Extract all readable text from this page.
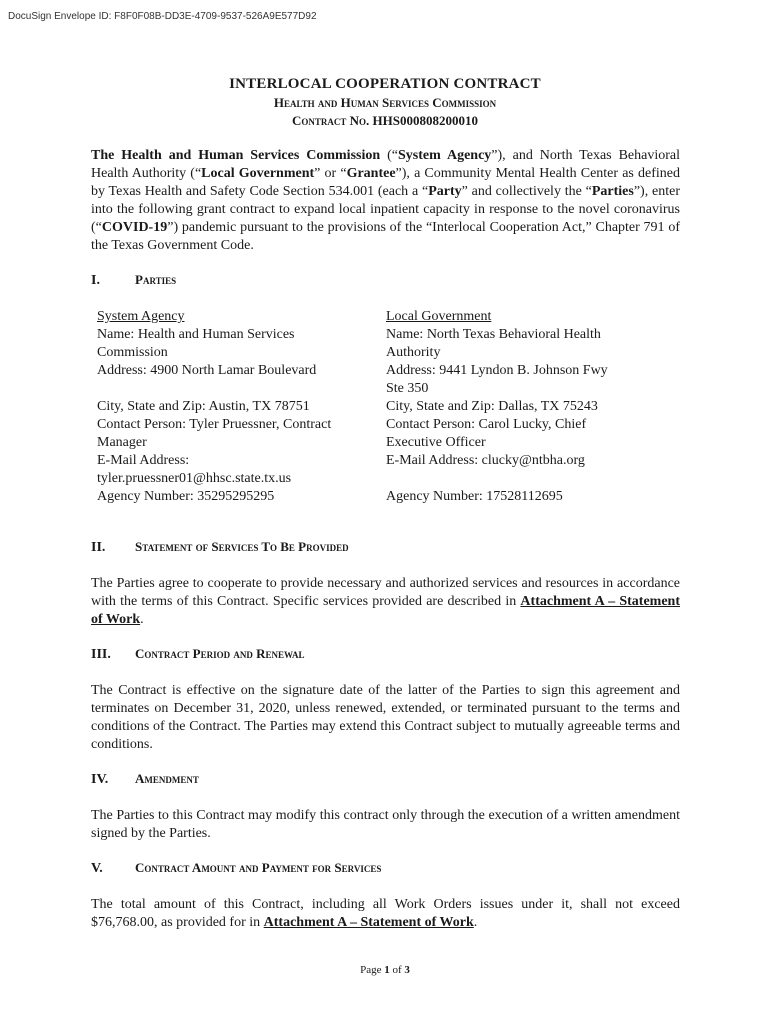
DocuSign Envelope ID: F8F0F08B-DD3E-4709-9537-526A9E577D92
INTERLOCAL COOPERATION CONTRACT
Health and Human Services Commission
Contract No. HHS000808200010
The Health and Human Services Commission (“System Agency”), and North Texas Behavioral Health Authority (“Local Government” or “Grantee”), a Community Mental Health Center as defined by Texas Health and Safety Code Section 534.001 (each a “Party” and collectively the “Parties”), enter into the following grant contract to expand local inpatient capacity in response to the novel coronavirus (“COVID-19”) pandemic pursuant to the provisions of the “Interlocal Cooperation Act,” Chapter 791 of the Texas Government Code.
I.	Parties
System Agency
Name: Health and Human Services
Commission
Address: 4900 North Lamar Boulevard
City, State and Zip: Austin, TX 78751
Contact Person: Tyler Pruessner, Contract
Manager
E-Mail Address:
tyler.pruessner01@hhsc.state.tx.us
Agency Number: 35295295295
Local Government
Name: North Texas Behavioral Health
Authority
Address: 9441 Lyndon B. Johnson Fwy
Ste 350
City, State and Zip: Dallas, TX 75243
Contact Person: Carol Lucky, Chief
Executive Officer
E-Mail Address: clucky@ntbha.org
Agency Number: 17528112695
II. Statement of Services To Be Provided
The Parties agree to cooperate to provide necessary and authorized services and resources in accordance with the terms of this Contract. Specific services provided are described in Attachment A – Statement of Work.
III. Contract Period and Renewal
The Contract is effective on the signature date of the latter of the Parties to sign this agreement and terminates on December 31, 2020, unless renewed, extended, or terminated pursuant to the terms and conditions of the Contract. The Parties may extend this Contract subject to mutually agreeable terms and conditions.
IV. Amendment
The Parties to this Contract may modify this contract only through the execution of a written amendment signed by the Parties.
V. Contract Amount and Payment for Services
The total amount of this Contract, including all Work Orders issues under it, shall not exceed $76,768.00, as provided for in Attachment A – Statement of Work.
Page 1 of 3
